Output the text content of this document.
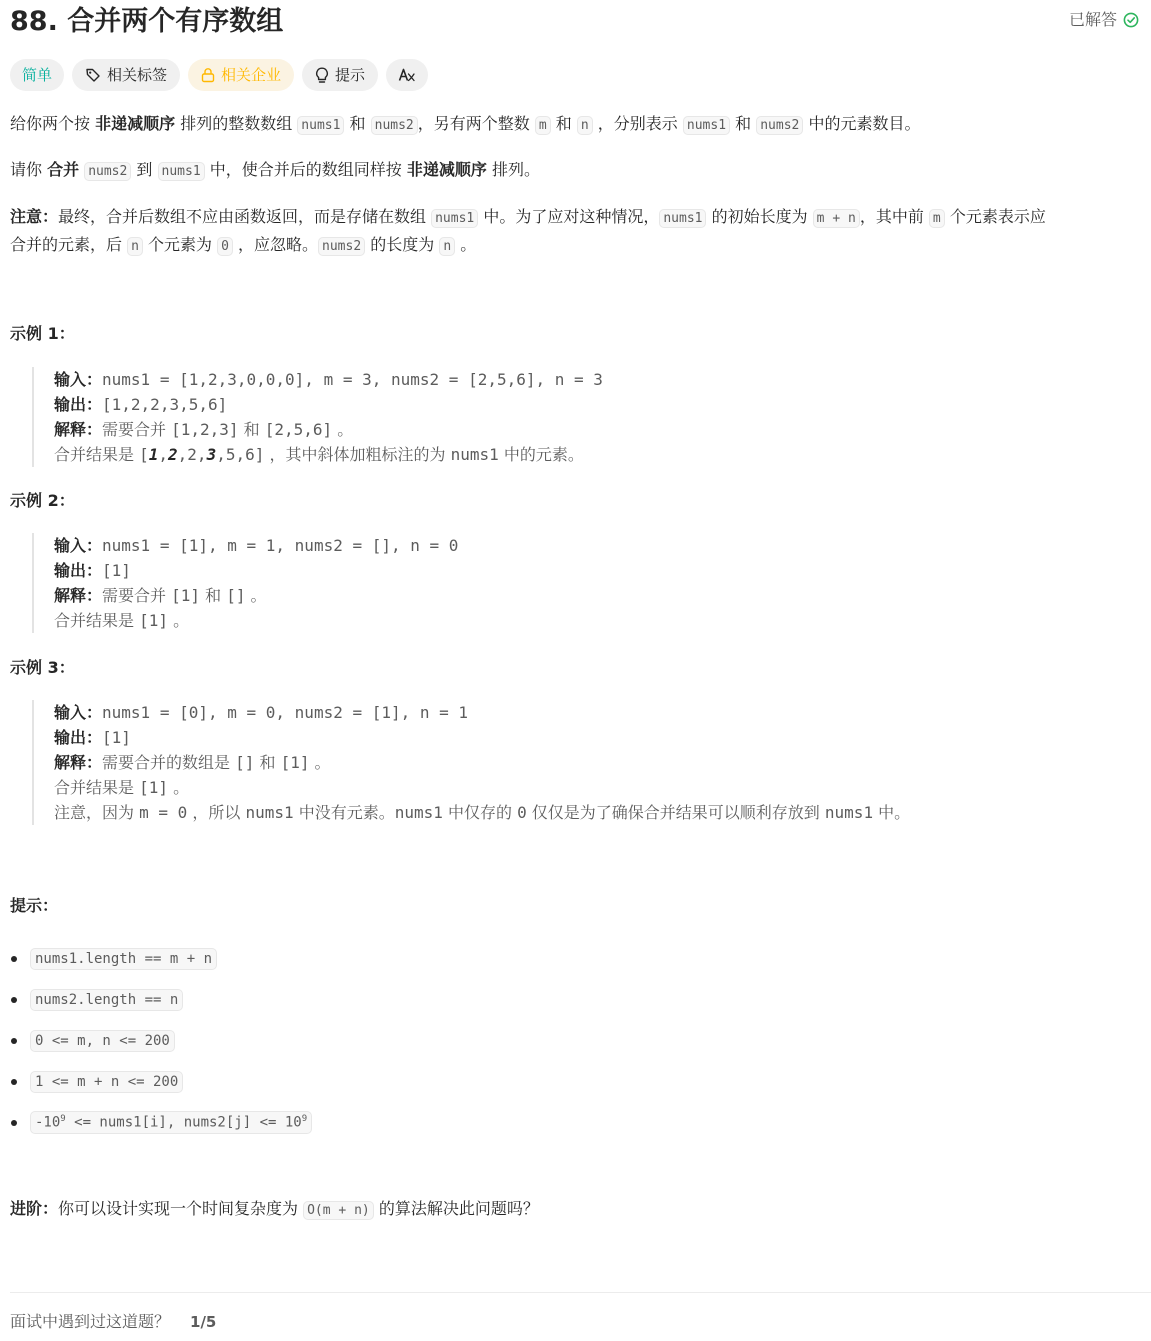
88. 合并两个有序数组	已解答
简单	相关标签	相关企业	提示

给你两个按 非递减顺序 排列的整数数组 nums1 和 nums2 ，另有两个整数 m 和 n ，分别表示 nums1 和 nums2 中的元素数目。

请你 合并 nums2 到 nums1 中，使合并后的数组同样按 非递减顺序 排列。

注意：最终，合并后数组不应由函数返回，而是存储在数组 nums1 中。为了应对这种情况， nums1 的初始长度为 m + n ，其中前 m 个元素表示应
合并的元素，后 n 个元素为 0 ，应忽略。 nums2 的长度为 n 。

示例 1：

输入：nums1 = [1,2,3,0,0,0], m = 3, nums2 = [2,5,6], n = 3
输出：[1,2,2,3,5,6]
解释：需要合并 [1,2,3] 和 [2,5,6] 。
合并结果是 [1,2,2,3,5,6] ，其中斜体加粗标注的为 nums1 中的元素。

示例 2：

输入：nums1 = [1], m = 1, nums2 = [], n = 0
输出：[1]
解释：需要合并 [1] 和 [] 。
合并结果是 [1] 。

示例 3：

输入：nums1 = [0], m = 0, nums2 = [1], n = 1
输出：[1]
解释：需要合并的数组是 [] 和 [1] 。
合并结果是 [1] 。
注意，因为 m = 0 ，所以 nums1 中没有元素。nums1 中仅存的 0 仅仅是为了确保合并结果可以顺利存放到 nums1 中。

提示：

nums1.length == m + n
nums2.length == n
0 <= m, n <= 200
1 <= m + n <= 200
$-10^9$ <= nums1[i], nums2[j] <= $10^9$

进阶：你可以设计实现一个时间复杂度为 O(m + n) 的算法解决此问题吗？

面试中遇到过这道题？ 1/5
